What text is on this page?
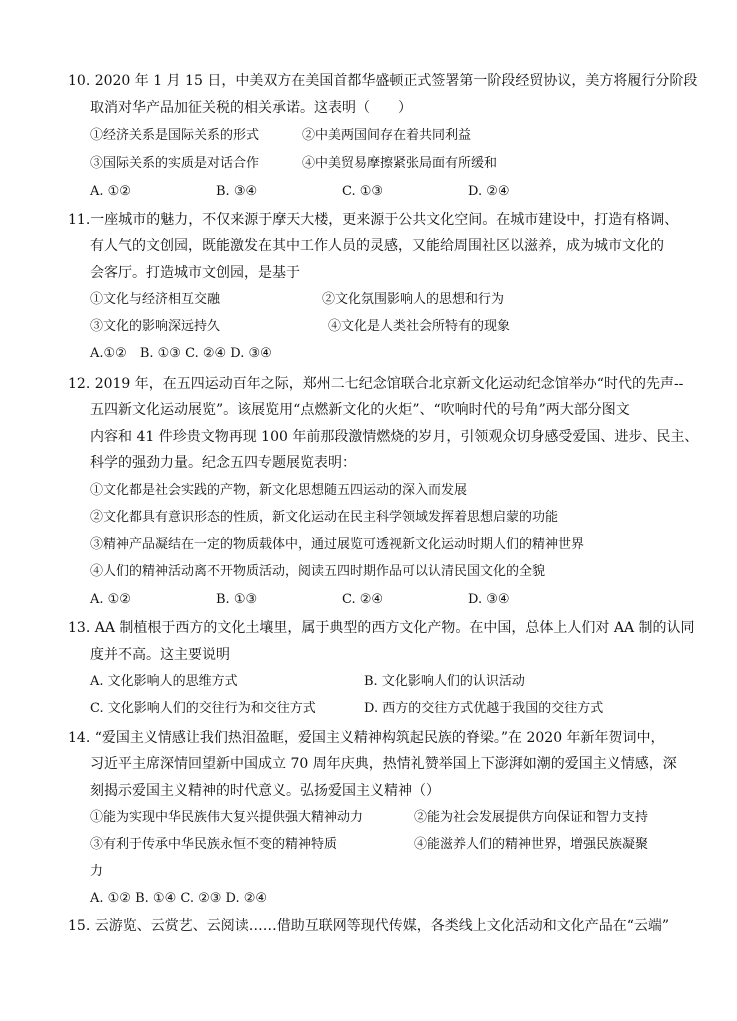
10. 2020 年 1 月 15 日，中美双方在美国首都华盛顿正式签署第一阶段经贸协议，美方将履行分阶段
取消对华产品加征关税的相关承诺。这表明（　　）
①经济关系是国际关系的形式	②中美两国间存在着共同利益
③国际关系的实质是对话合作	④中美贸易摩擦紧张局面有所缓和
A. ①②	B. ③④	C. ①③	D. ②④
11.一座城市的魅力，不仅来源于摩天大楼，更来源于公共文化空间。在城市建设中，打造有格调、
有人气的文创园，既能激发在其中工作人员的灵感，又能给周围社区以滋养，成为城市文化的
会客厅。打造城市文创园，是基于
①文化与经济相互交融	②文化氛围影响人的思想和行为
③文化的影响深远持久	④文化是人类社会所特有的现象
A.①②　B. ①③ C. ②④ D. ③④
12. 2019 年，在五四运动百年之际，郑州二七纪念馆联合北京新文化运动纪念馆举办“时代的先声--
五四新文化运动展览”。该展览用“点燃新文化的火炬”、“吹响时代的号角”两大部分图文
内容和 41 件珍贵文物再现 100 年前那段激情燃烧的岁月，引领观众切身感受爱国、进步、民主、
科学的强劲力量。纪念五四专题展览表明：
①文化都是社会实践的产物，新文化思想随五四运动的深入而发展
②文化都具有意识形态的性质，新文化运动在民主科学领域发挥着思想启蒙的功能
③精神产品凝结在一定的物质载体中，通过展览可透视新文化运动时期人们的精神世界
④人们的精神活动离不开物质活动，阅读五四时期作品可以认清民国文化的全貌
A. ①②	B. ①③	C. ②④	D. ③④
13. AA 制植根于西方的文化土壤里，属于典型的西方文化产物。在中国，总体上人们对 AA 制的认同
度并不高。这主要说明
A. 文化影响人的思维方式	B. 文化影响人们的认识活动
C. 文化影响人们的交往行为和交往方式	D. 西方的交往方式优越于我国的交往方式
14. “爱国主义情感让我们热泪盈眶，爱国主义精神构筑起民族的脊梁。”在 2020 年新年贺词中，
习近平主席深情回望新中国成立 70 周年庆典，热情礼赞举国上下澎湃如潮的爱国主义情感，深
刻揭示爱国主义精神的时代意义。弘扬爱国主义精神（）
①能为实现中华民族伟大复兴提供强大精神动力	②能为社会发展提供方向保证和智力支持
③有利于传承中华民族永恒不变的精神特质	④能滋养人们的精神世界，增强民族凝聚
力
A. ①② B. ①④ C. ②③ D. ②④
15. 云游览、云赏艺、云阅读……借助互联网等现代传媒，各类线上文化活动和文化产品在“云端”
